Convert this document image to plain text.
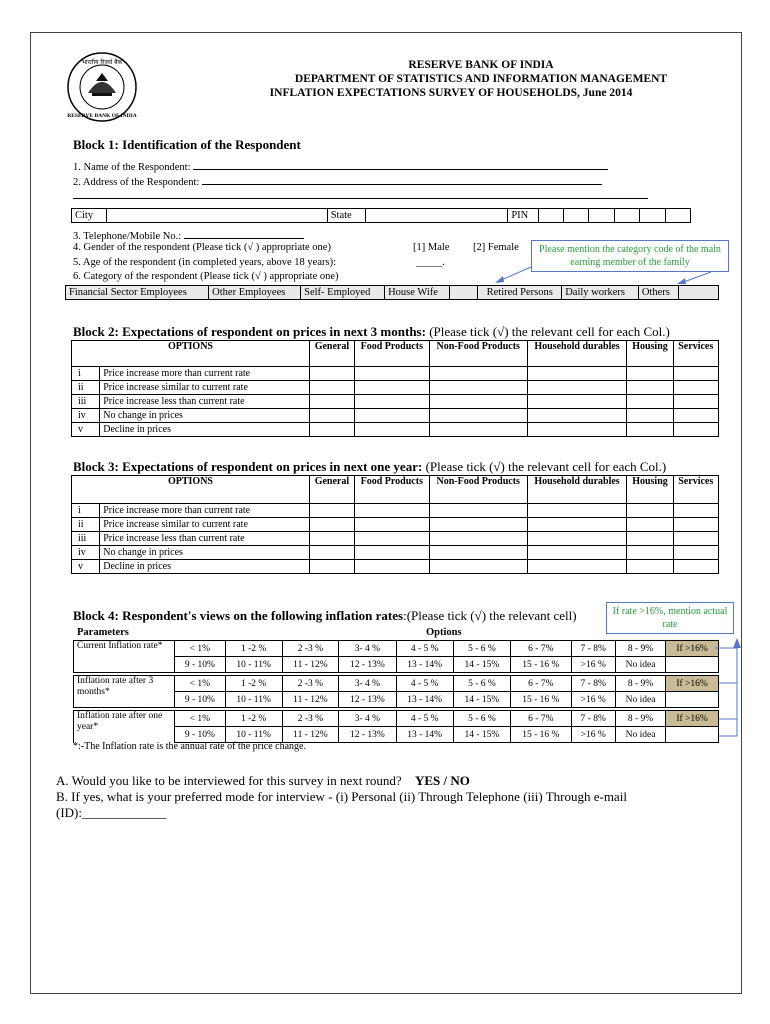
भारतीय रिज़र्व बैंक
RESERVE BANK OF INDIA
RESERVE BANK OF INDIA
DEPARTMENT OF STATISTICS AND INFORMATION MANAGEMENT
INFLATION EXPECTATIONS SURVEY OF HOUSEHOLDS, June 2014
Block 1: Identification of the Respondent
1. Name of the Respondent:
2. Address of the Respondent:
City		State		PIN						
3. Telephone/Mobile No.:
4. Gender of the respondent (Please tick (√ ) appropriate one)	[1] Male [2] Female
5. Age of the respondent (in completed years, above 18 years):	_____.
6. Category of the respondent (Please tick (√ ) appropriate one)
Please mention the category code of the main earning member of the family
Financial Sector Employees	Other Employees	Self- Employed	House Wife		Retired Persons	Daily workers	Others	
Block 2: Expectations of respondent on prices in next 3 months: (Please tick (√) the relevant cell for each Col.)
OPTIONS		General	Food Products	Non-Food Products	Household durables	Housing	Services
i	Price increase more than current rate						
ii	Price increase similar to current rate						
iii	Price increase less than current rate						
iv	No change in prices						
v	Decline in prices						
Block 3: Expectations of respondent on prices in next one year: (Please tick (√) the relevant cell for each Col.)
OPTIONS		General	Food Products	Non-Food Products	Household durables	Housing	Services
i	Price increase more than current rate						
ii	Price increase similar to current rate						
iii	Price increase less than current rate						
iv	No change in prices						
v	Decline in prices						
Block 4: Respondent's views on the following inflation rates:(Please tick (√) the relevant cell)	If rate >16%, mention actual rate
Parameters	Options
Current Inflation rate*	< 1%	1 -2 %	2 -3 %	3- 4 %	4 - 5 %	5 - 6 %	6 - 7%	7 - 8%	8 - 9%	If >16%
	9 - 10%	10 - 11%	11 - 12%	12 - 13%	13 - 14%	14 - 15%	15 - 16 %	>16 %	No idea	

Inflation rate after 3 months*	< 1%	1 -2 %	2 -3 %	3- 4 %	4 - 5 %	5 - 6 %	6 - 7%	7 - 8%	8 - 9%	If >16%
	9 - 10%	10 - 11%	11 - 12%	12 - 13%	13 - 14%	14 - 15%	15 - 16 %	>16 %	No idea	

Inflation rate after one year*	< 1%	1 -2 %	2 -3 %	3- 4 %	4 - 5 %	5 - 6 %	6 - 7%	7 - 8%	8 - 9%	If >16%
	9 - 10%	10 - 11%	11 - 12%	12 - 13%	13 - 14%	14 - 15%	15 - 16 %	>16 %	No idea	
*:-The Inflation rate is the annual rate of the price change.
A. Would you like to be interviewed for this survey in next round? YES / NO
B. If yes, what is your preferred mode for interview - (i) Personal (ii) Through Telephone (iii) Through e-mail
(ID):_____________
